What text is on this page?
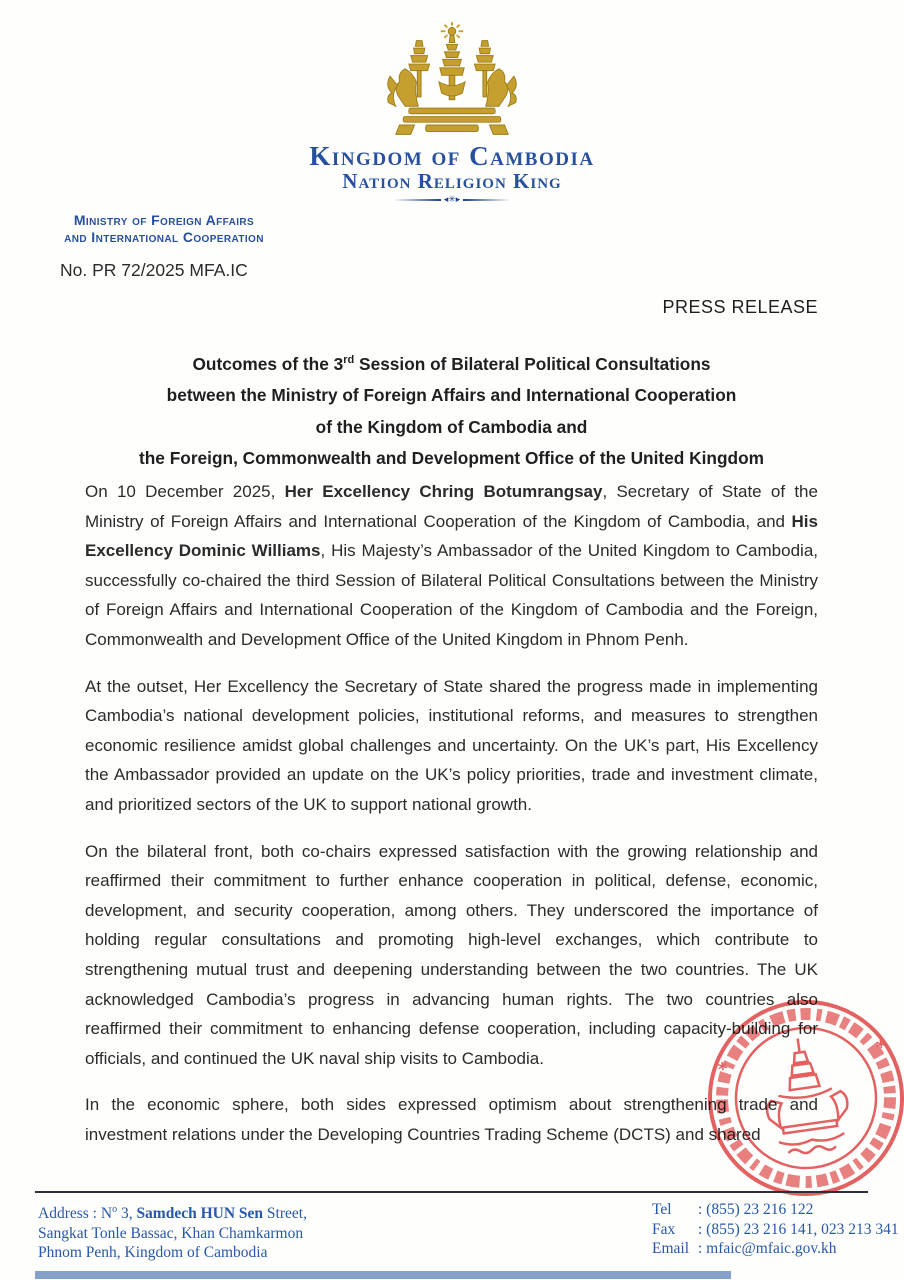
Kingdom of Cambodia
Nation Religion King
◂✳▸
Ministry of Foreign Affairs
and International Cooperation
No. PR 72/2025 MFA.IC
PRESS RELEASE
Outcomes of the 3rd Session of Bilateral Political Consultations
between the Ministry of Foreign Affairs and International Cooperation
of the Kingdom of Cambodia and
the Foreign, Commonwealth and Development Office of the United Kingdom

On 10 December 2025, Her Excellency Chring Botumrangsay, Secretary of State of the Ministry of Foreign Affairs and International Cooperation of the Kingdom of Cambodia, and His Excellency Dominic Williams, His Majesty’s Ambassador of the United Kingdom to Cambodia, successfully co-chaired the third Session of Bilateral Political Consultations between the Ministry of Foreign Affairs and International Cooperation of the Kingdom of Cambodia and the Foreign, Commonwealth and Development Office of the United Kingdom in Phnom Penh.

At the outset, Her Excellency the Secretary of State shared the progress made in implementing Cambodia’s national development policies, institutional reforms, and measures to strengthen economic resilience amidst global challenges and uncertainty. On the UK’s part, His Excellency the Ambassador provided an update on the UK’s policy priorities, trade and investment climate, and prioritized sectors of the UK to support national growth.

On the bilateral front, both co-chairs expressed satisfaction with the growing relationship and reaffirmed their commitment to further enhance cooperation in political, defense, economic, development, and security cooperation, among others. They underscored the importance of holding regular consultations and promoting high-level exchanges, which contribute to strengthening mutual trust and deepening understanding between the two countries. The UK acknowledged Cambodia’s progress in advancing human rights. The two countries also reaffirmed their commitment to enhancing defense cooperation, including capacity-building for officials, and continued the UK naval ship visits to Cambodia.

In the economic sphere, both sides expressed optimism about strengthening trade and investment relations under the Developing Countries Trading Scheme (DCTS) and shared

*
*
Address : $N^o$ 3, Samdech HUN Sen Street,
Sangkat Tonle Bassac, Khan Chamkarmon
Phnom Penh, Kingdom of Cambodia
Tel	: (855) 23 216 122
Fax	: (855) 23 216 141, 023 213 341
Email : mfaic@mfaic.gov.kh
